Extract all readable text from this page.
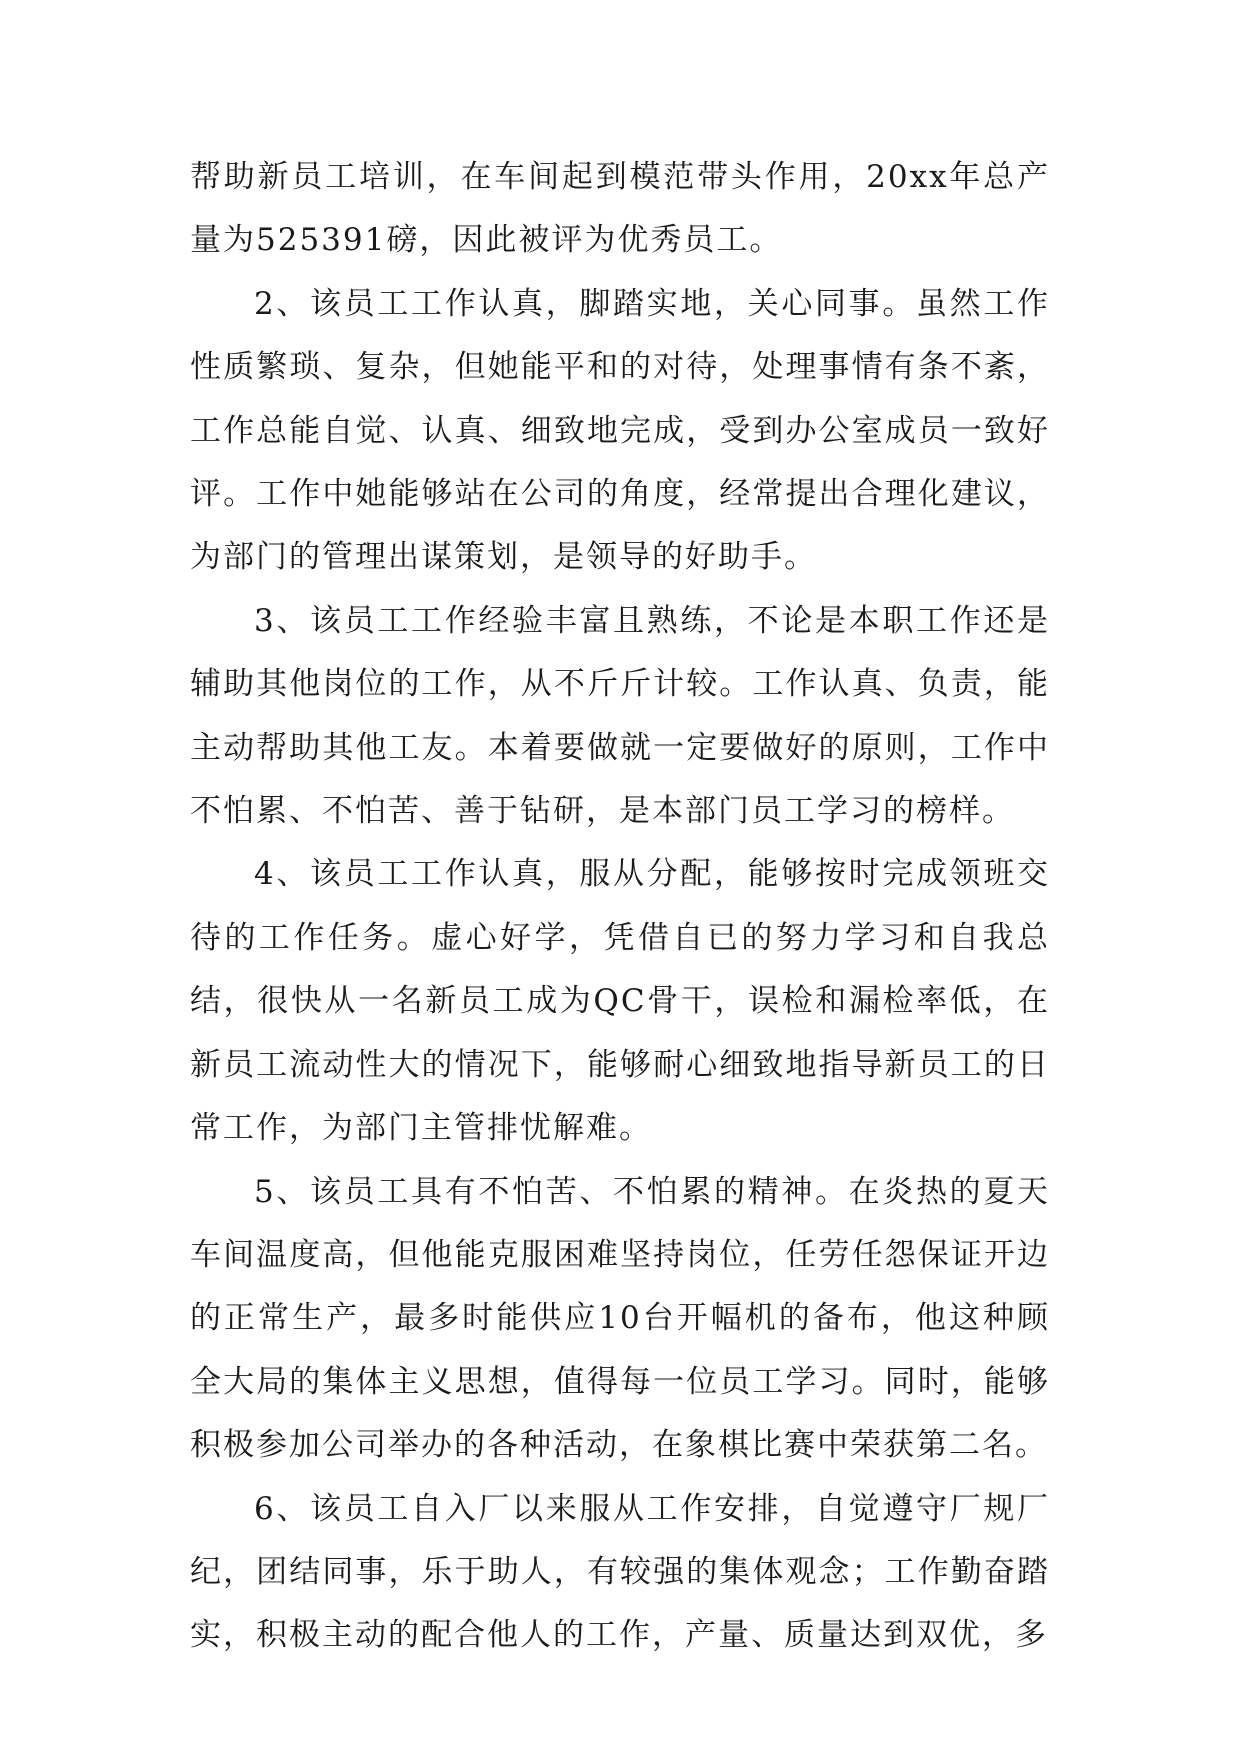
帮助新员工培训，在车间起到模范带头作用，20xx年总产量为525391磅，因此被评为优秀员工。

2、该员工工作认真，脚踏实地，关心同事。虽然工作性质繁琐、复杂，但她能平和的对待，处理事情有条不紊，工作总能自觉、认真、细致地完成，受到办公室成员一致好评。工作中她能够站在公司的角度，经常提出合理化建议，为部门的管理出谋策划，是领导的好助手。

3、该员工工作经验丰富且熟练，不论是本职工作还是辅助其他岗位的工作，从不斤斤计较。工作认真、负责，能主动帮助其他工友。本着要做就一定要做好的原则，工作中不怕累、不怕苦、善于钻研，是本部门员工学习的榜样。

4、该员工工作认真，服从分配，能够按时完成领班交待的工作任务。虚心好学，凭借自已的努力学习和自我总结，很快从一名新员工成为QC骨干，误检和漏检率低，在新员工流动性大的情况下，能够耐心细致地指导新员工的日常工作，为部门主管排忧解难。

5、该员工具有不怕苦、不怕累的精神。在炎热的夏天车间温度高，但他能克服困难坚持岗位，任劳任怨保证开边的正常生产，最多时能供应10台开幅机的备布，他这种顾全大局的集体主义思想，值得每一位员工学习。同时，能够积极参加公司举办的各种活动，在象棋比赛中荣获第二名。

6、该员工自入厂以来服从工作安排，自觉遵守厂规厂纪，团结同事，乐于助人，有较强的集体观念；工作勤奋踏实，积极主动的配合他人的工作，产量、质量达到双优，多
